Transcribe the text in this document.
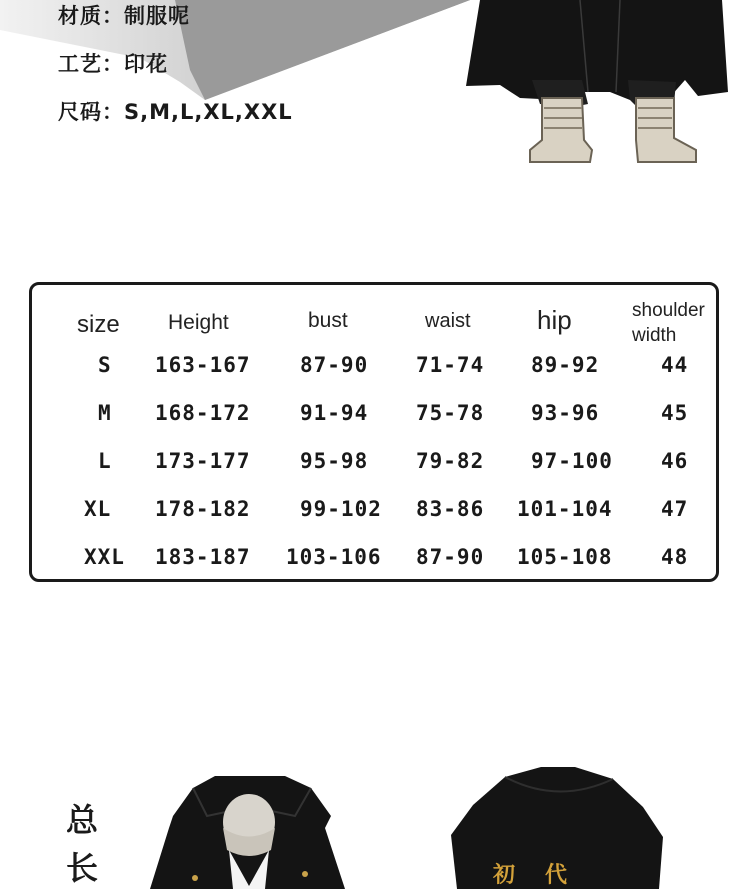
材质：制服呢
工艺：印花
尺码：S,M,L,XL,XXL
size Height	bust	waist	hip	shoulder
width
S 163-167 87-90 71-74 89-92	44
M 168-172 91-94 75-78 93-96	45
L 173-177 95-98 79-82 97-100 46
XL 178-182 99-102 83-86 101-104 47
XXL 183-187 103-106 87-90 105-108 48
总
长	初代
